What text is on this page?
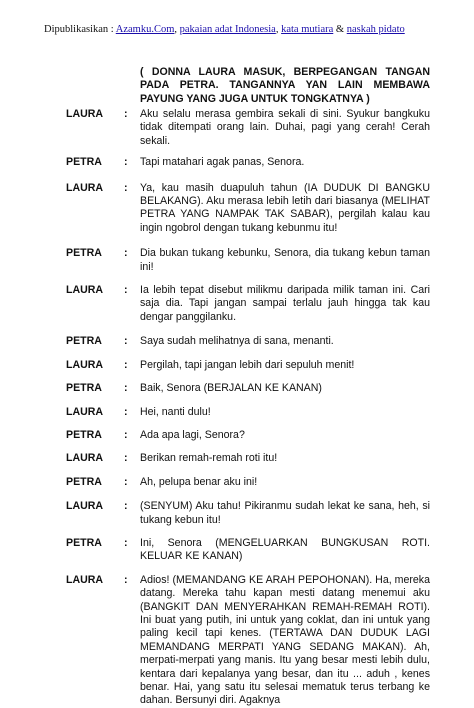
Dipublikasikan : Azamku.Com, pakaian adat Indonesia, kata mutiara & naskah pidato
( DONNA LAURA MASUK, BERPEGANGAN TANGAN PADA PETRA. TANGANNYA YAN LAIN MEMBAWA PAYUNG YANG JUGA UNTUK TONGKATNYA )
LAURA	:	Aku selalu merasa gembira sekali di sini. Syukur bangkuku tidak ditempati orang lain. Duhai, pagi yang cerah! Cerah sekali.
PETRA	:	Tapi matahari agak panas, Senora.
LAURA	:	Ya, kau masih duapuluh tahun (IA DUDUK DI BANGKU BELAKANG). Aku merasa lebih letih dari biasanya (MELIHAT PETRA YANG NAMPAK TAK SABAR), pergilah kalau kau ingin ngobrol dengan tukang kebunmu itu!
PETRA	:	Dia bukan tukang kebunku, Senora, dia tukang kebun taman ini!
LAURA	:	Ia lebih tepat disebut milikmu daripada milik taman ini. Cari saja dia. Tapi jangan sampai terlalu jauh hingga tak kau dengar panggilanku.
PETRA	:	Saya sudah melihatnya di sana, menanti.
LAURA	:	Pergilah, tapi jangan lebih dari sepuluh menit!
PETRA	:	Baik, Senora (BERJALAN KE KANAN)
LAURA	:	Hei, nanti dulu!
PETRA	:	Ada apa lagi, Senora?
LAURA	:	Berikan remah-remah roti itu!
PETRA	:	Ah, pelupa benar aku ini!
LAURA	:	(SENYUM) Aku tahu! Pikiranmu sudah lekat ke sana, heh, si tukang kebun itu!
PETRA	:	Ini, Senora (MENGELUARKAN BUNGKUSAN ROTI. KELUAR KE KANAN)
LAURA	:	Adios! (MEMANDANG KE ARAH PEPOHONAN). Ha, mereka datang. Mereka tahu kapan mesti datang menemui aku (BANGKIT DAN MENYERAHKAN REMAH-REMAH ROTI). Ini buat yang putih, ini untuk yang coklat, dan ini untuk yang paling kecil tapi kenes. (TERTAWA DAN DUDUK LAGI MEMANDANG MERPATI YANG SEDANG MAKAN). Ah, merpati-merpati yang manis. Itu yang besar mesti lebih dulu, kentara dari kepalanya yang besar, dan itu ... aduh , kenes benar. Hai, yang satu itu selesai mematuk terus terbang ke dahan. Bersunyi diri. Agaknya
